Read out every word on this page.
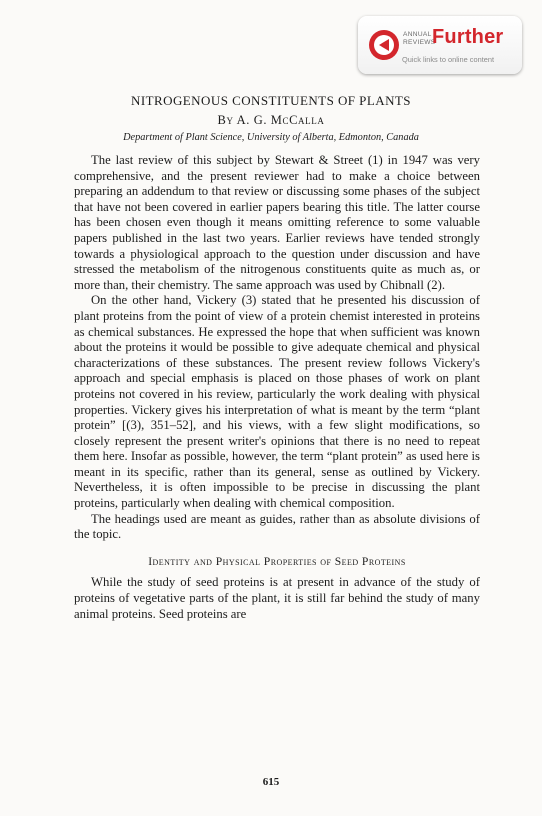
ANNUAL
REVIEWS
Further
Quick links to online content
NITROGENOUS CONSTITUENTS OF PLANTS
By A. G. McCalla
Department of Plant Science, University of Alberta, Edmonton, Canada

The last review of this subject by Stewart & Street (1) in 1947 was very comprehensive, and the present reviewer had to make a choice between preparing an addendum to that review or discussing some phases of the subject that have not been covered in earlier papers bearing this title. The latter course has been chosen even though it means omitting reference to some valuable papers published in the last two years. Earlier reviews have tended strongly towards a physiological approach to the question under discussion and have stressed the metabolism of the nitrogenous constituents quite as much as, or more than, their chemistry. The same approach was used by Chibnall (2).

On the other hand, Vickery (3) stated that he presented his discussion of plant proteins from the point of view of a protein chemist interested in proteins as chemical substances. He expressed the hope that when sufficient was known about the proteins it would be possible to give adequate chemical and physical characterizations of these substances. The present review follows Vickery's approach and special emphasis is placed on those phases of work on plant proteins not covered in his review, particularly the work dealing with physical properties. Vickery gives his interpretation of what is meant by the term “plant protein” [(3), 351–52], and his views, with a few slight modifications, so closely represent the present writer's opinions that there is no need to repeat them here. Insofar as possible, however, the term “plant protein” as used here is meant in its specific, rather than its general, sense as outlined by Vickery. Nevertheless, it is often impossible to be precise in discussing the plant proteins, particularly when dealing with chemical composition.

The headings used are meant as guides, rather than as absolute divisions of the topic.

Identity and Physical Properties of Seed Proteins

While the study of seed proteins is at present in advance of the study of proteins of vegetative parts of the plant, it is still far behind the study of many animal proteins. Seed proteins are

615
